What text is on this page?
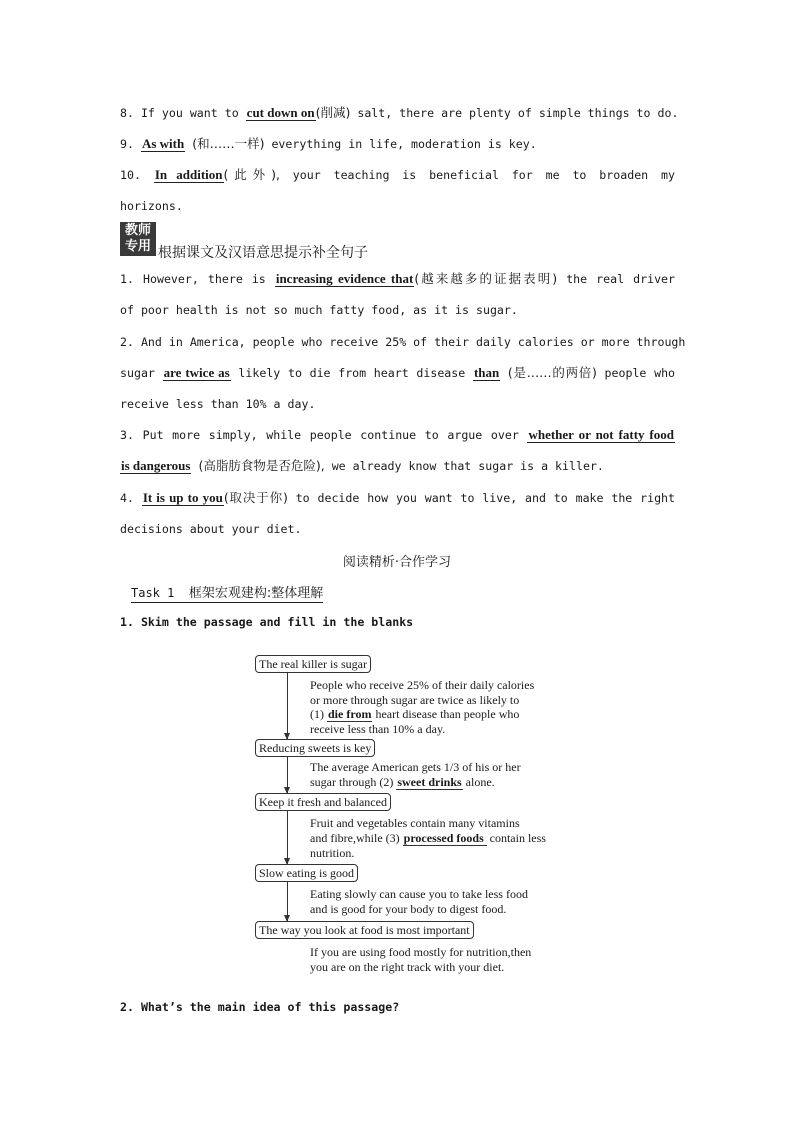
8. If you want to cut down on(削减) salt, there are plenty of simple things to do.
9. As with (和……一样) everything in life, moderation is key.
10. In addition(此外), your teaching is beneficial for me to broaden my
horizons.
教师
专用 根据课文及汉语意思提示补全句子
1. However, there is increasing evidence that(越来越多的证据表明) the real driver
of poor health is not so much fatty food, as it is sugar.
2. And in America, people who receive 25% of their daily calories or more through
sugar are twice as likely to die from heart disease than (是……的两倍) people who
receive less than 10% a day.
3. Put more simply, while people continue to argue over whether or not fatty food
is dangerous (高脂肪食物是否危险), we already know that sugar is a killer.
4. It is up to you(取决于你) to decide how you want to live, and to make the right
decisions about your diet.
阅读精析·合作学习
Task 1 框架宏观建构:整体理解
1. Skim the passage and fill in the blanks
The real killer is sugar
People who receive 25% of their daily calories
or more through sugar are twice as likely to
(1) die from heart disease than people who
receive less than 10% a day.
Reducing sweets is key
The average American gets 1/3 of his or her
sugar through (2) sweet drinks alone.
Keep it fresh and balanced
Fruit and vegetables contain many vitamins
and fibre,while (3) processed foods contain less
nutrition.
Slow eating is good
Eating slowly can cause you to take less food
and is good for your body to digest food.
The way you look at food is most important
If you are using food mostly for nutrition,then
you are on the right track with your diet.
2. What’s the main idea of this passage?
